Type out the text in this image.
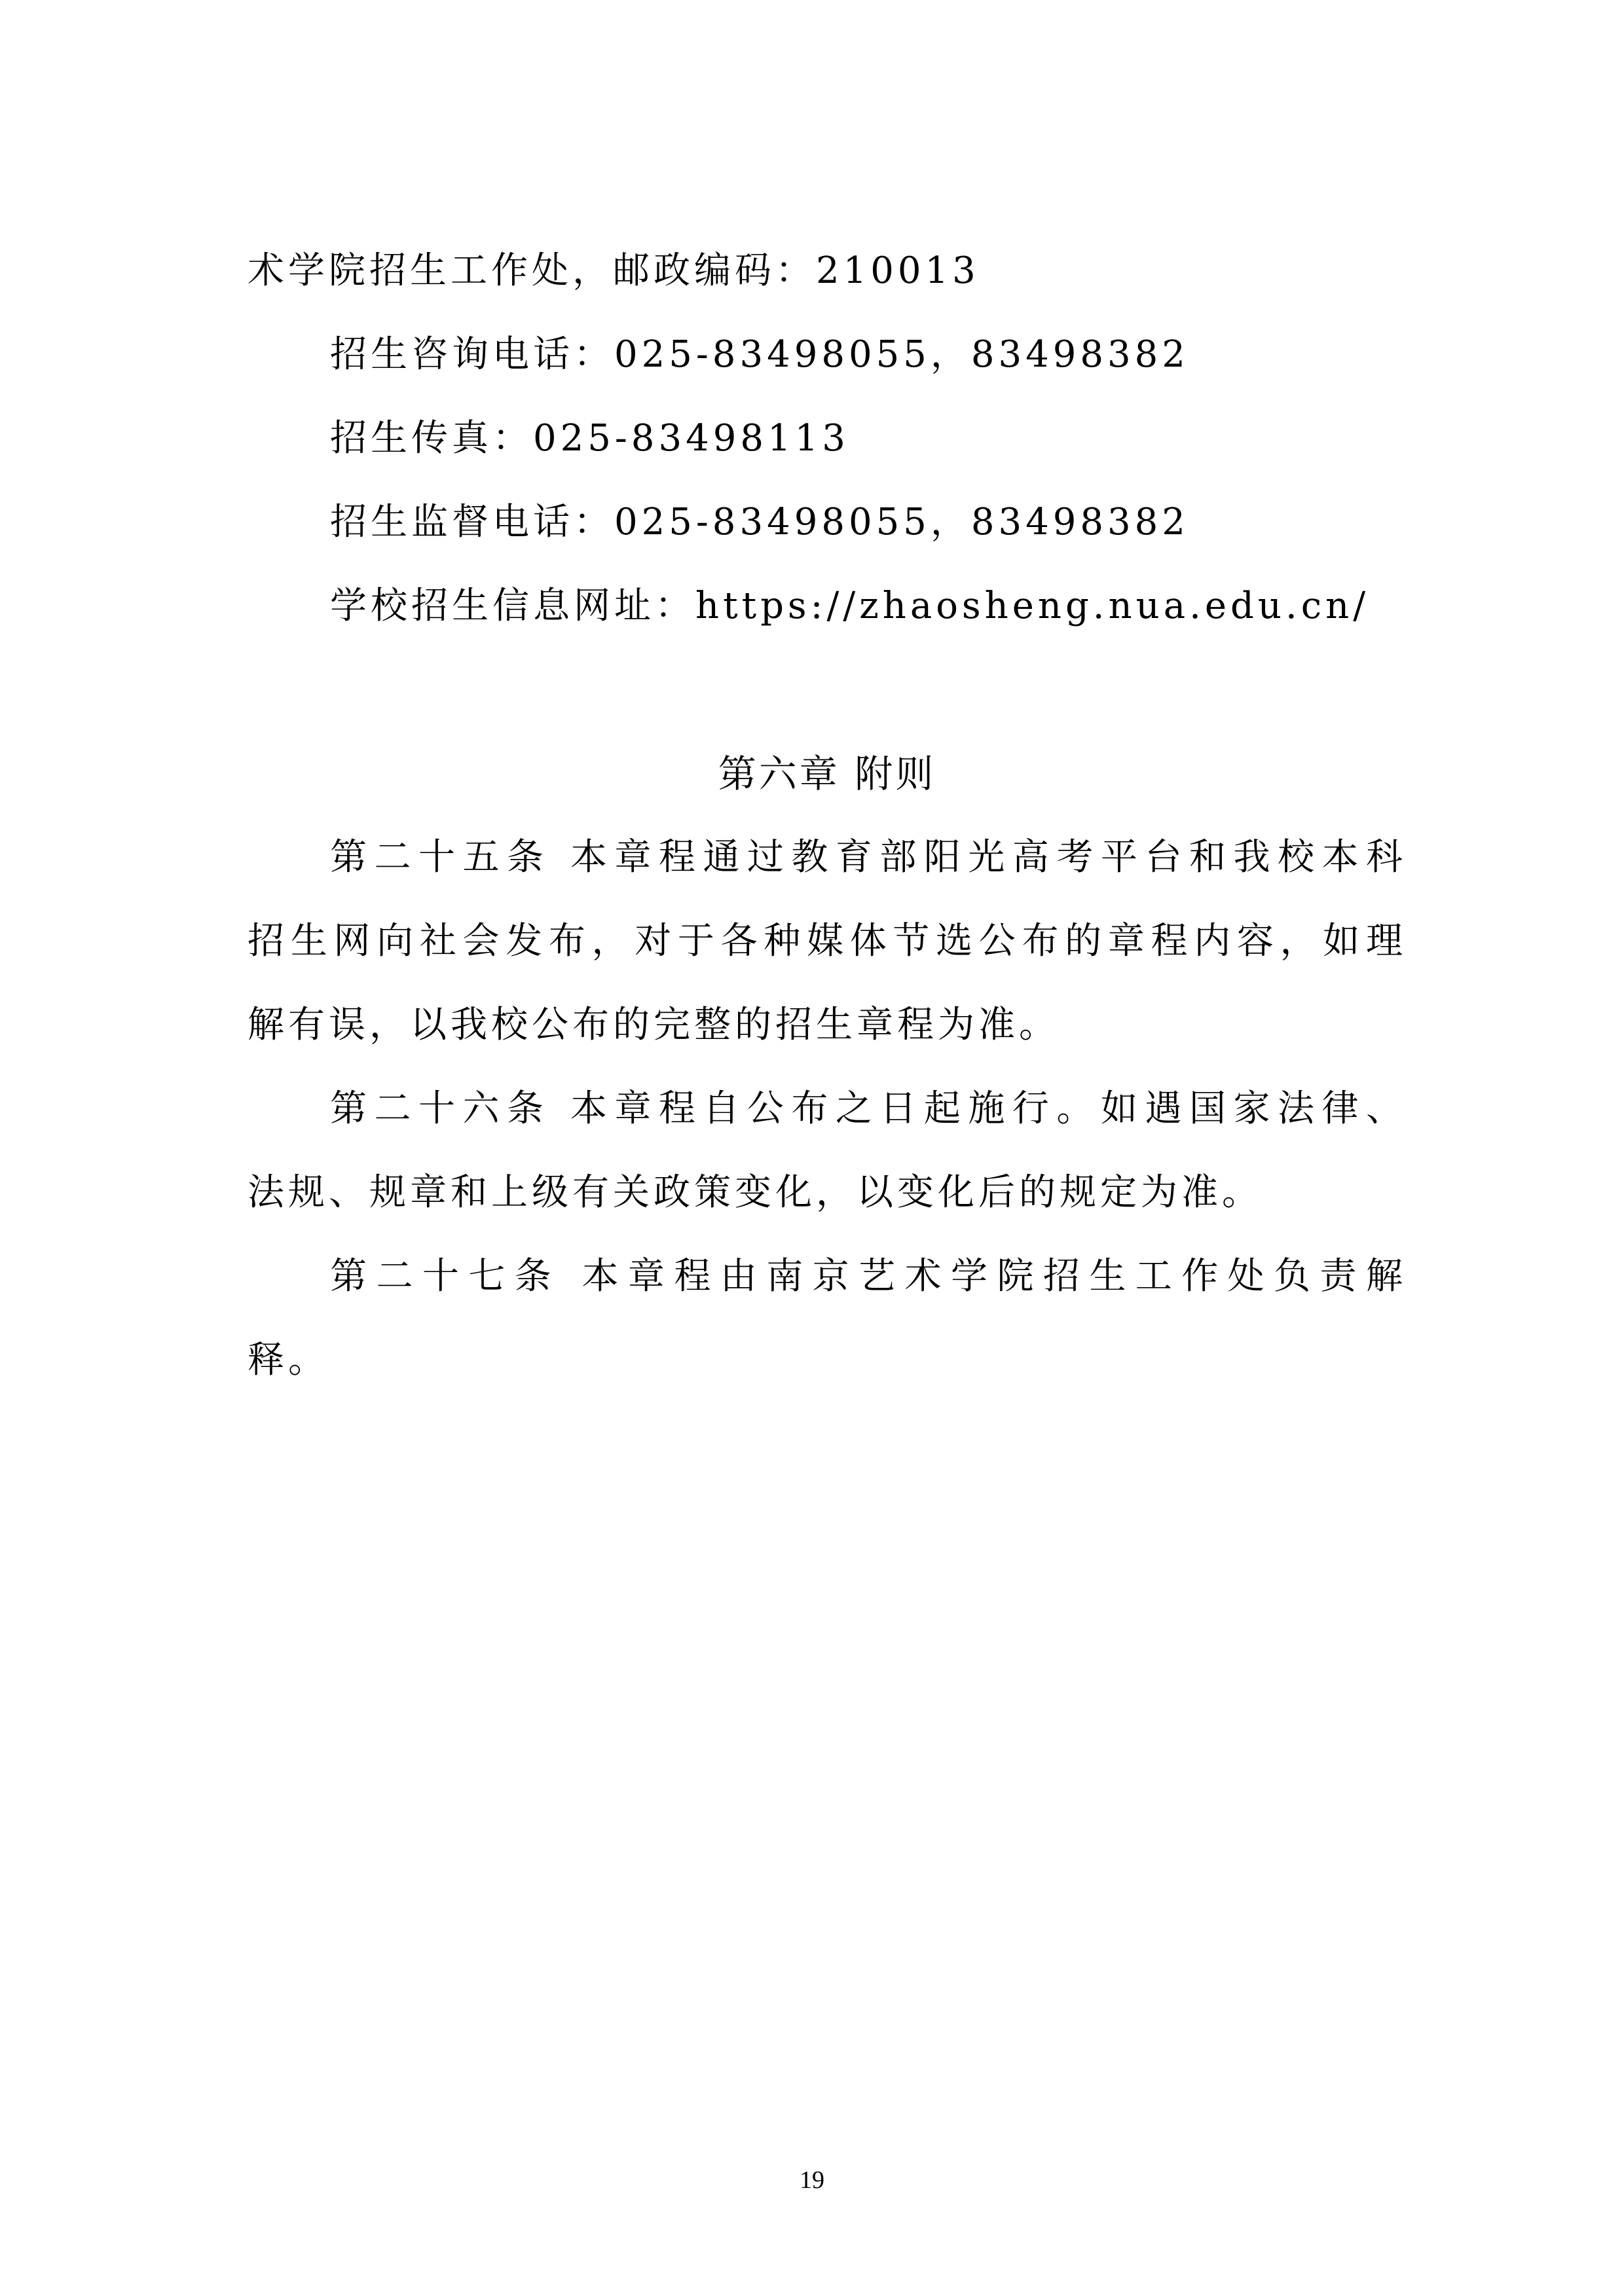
术学院招生工作处，邮政编码：210013
招生咨询电话：025-83498055，83498382
招生传真：025-83498113
招生监督电话：025-83498055，83498382
学校招生信息网址：https://zhaosheng.nua.edu.cn/
第六章 附则
第二十五条 本章程通过教育部阳光高考平台和我校本科
招生网向社会发布，对于各种媒体节选公布的章程内容，如理
解有误，以我校公布的完整的招生章程为准。
第二十六条 本章程自公布之日起施行。如遇国家法律、
法规、规章和上级有关政策变化，以变化后的规定为准。
第二十七条 本章程由南京艺术学院招生工作处负责解
释。
19
